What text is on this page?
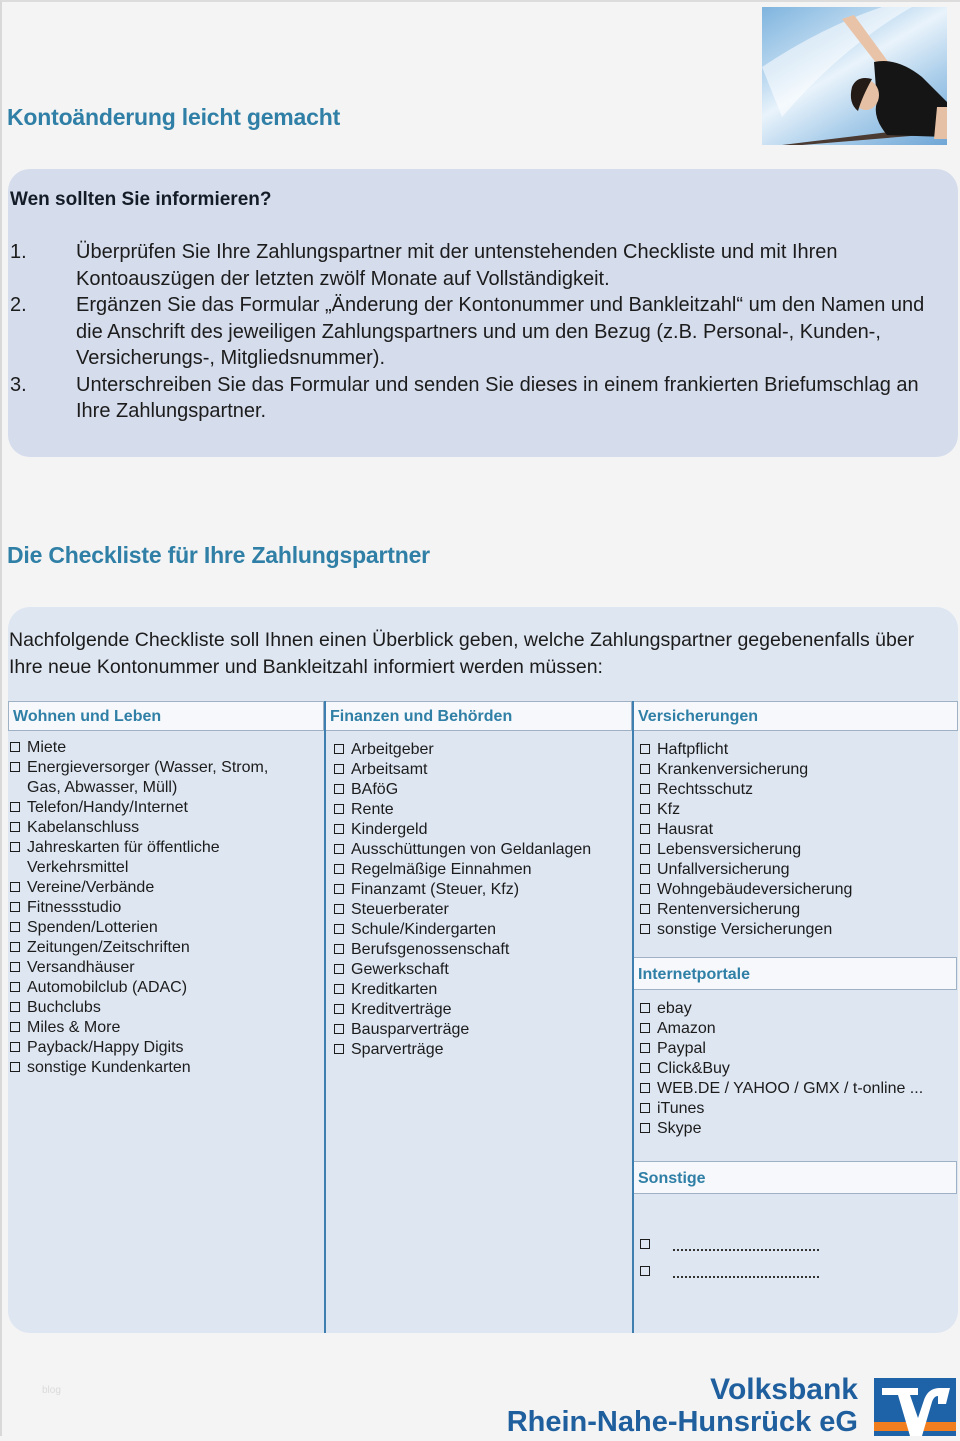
Kontoänderung leicht gemacht
Wen sollten Sie informieren?
1.	Überprüfen Sie Ihre Zahlungspartner mit der untenstehenden Checkliste und mit Ihren Kontoauszügen der letzten zwölf Monate auf Vollständigkeit.
2.	Ergänzen Sie das Formular „Änderung der Kontonummer und Bankleitzahl“ um den Namen und die Anschrift des jeweiligen Zahlungspartners und um den Bezug (z.B. Personal-, Kunden-, Versicherungs-, Mitgliedsnummer).
3.	Unterschreiben Sie das Formular und senden Sie dieses in einem frankierten Briefumschlag an Ihre Zahlungspartner.
Die Checkliste für Ihre Zahlungspartner
Nachfolgende Checkliste soll Ihnen einen Überblick geben, welche Zahlungspartner gegebenenfalls über Ihre neue Kontonummer und Bankleitzahl informiert werden müssen:
Wohnen und Leben
Miete
Energieversorger (Wasser, Strom,
Gas, Abwasser, Müll)
Telefon/Handy/Internet
Kabelanschluss
Jahreskarten für öffentliche
Verkehrsmittel
Vereine/Verbände
Fitnessstudio
Spenden/Lotterien
Zeitungen/Zeitschriften
Versandhäuser
Automobilclub (ADAC)
Buchclubs
Miles & More
Payback/Happy Digits
sonstige Kundenkarten
Finanzen und Behörden
Arbeitgeber
Arbeitsamt
BAföG
Rente
Kindergeld
Ausschüttungen von Geldanlagen
Regelmäßige Einnahmen
Finanzamt (Steuer, Kfz)
Steuerberater
Schule/Kindergarten
Berufsgenossenschaft
Gewerkschaft
Kreditkarten
Kreditverträge
Bausparverträge
Sparverträge
Versicherungen
Haftpflicht
Krankenversicherung
Rechtsschutz
Kfz
Hausrat
Lebensversicherung
Unfallversicherung
Wohngebäudeversicherung
Rentenversicherung
sonstige Versicherungen
Internetportale
ebay
Amazon
Paypal
Click&Buy
WEB.DE / YAHOO / GMX / t-online ...
iTunes
Skype
Sonstige
blog	Volksbank
Rhein-Nahe-Hunsrück eG
